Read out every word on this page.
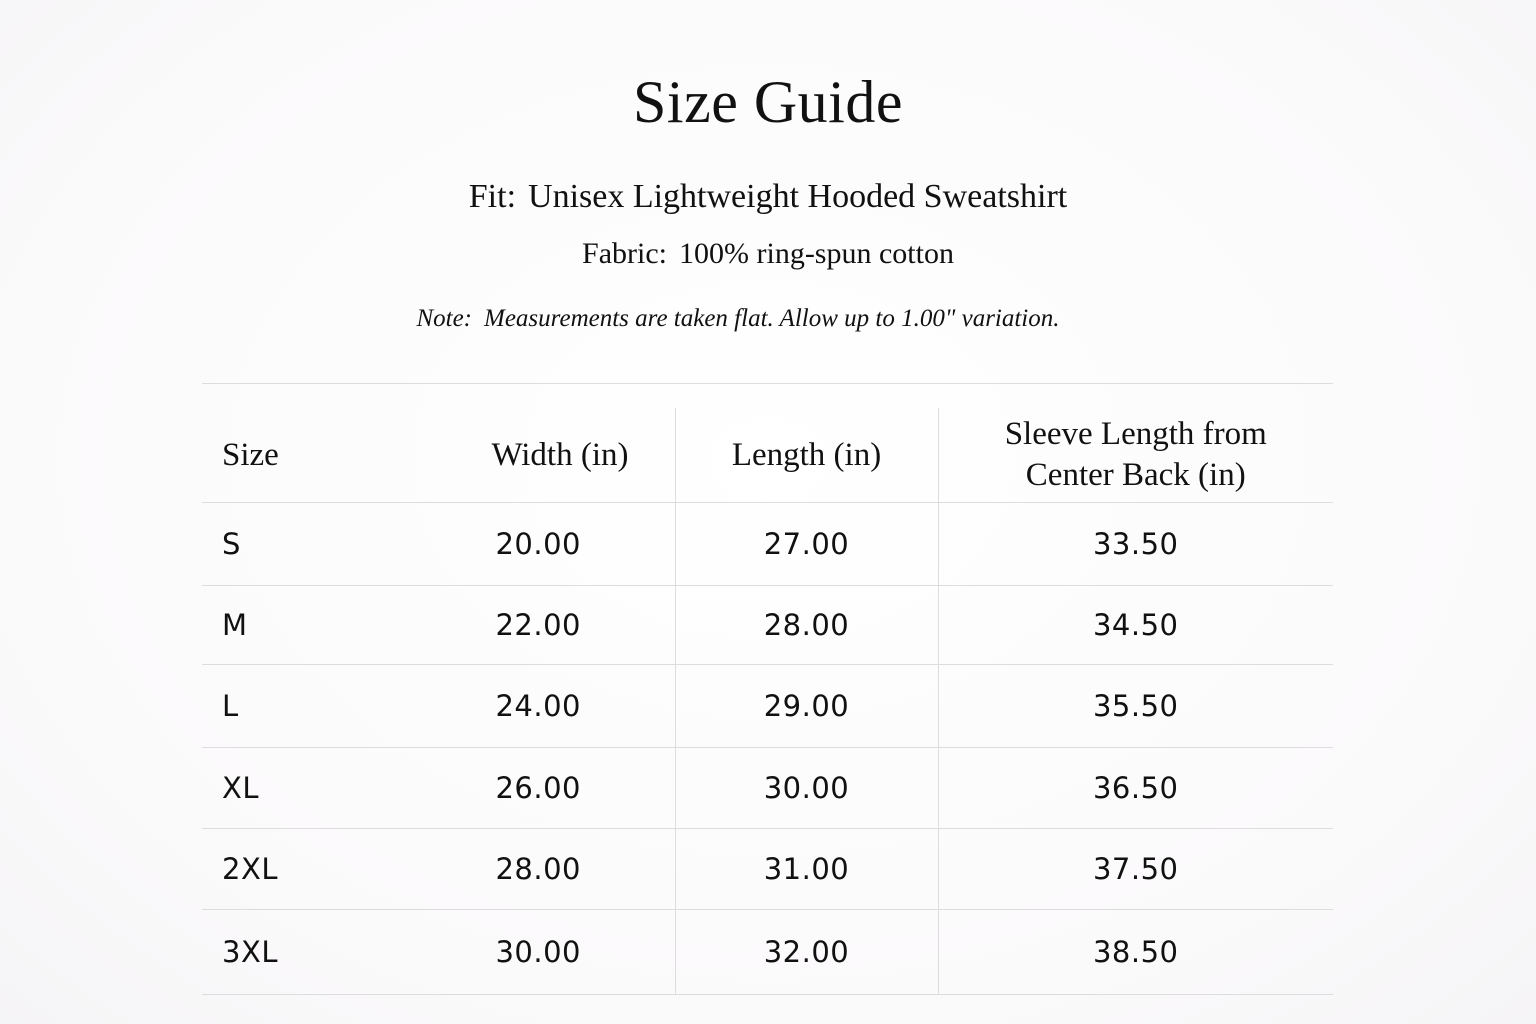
Size Guide
Fit: Unisex Lightweight Hooded Sweatshirt
Fabric: 100% ring-spun cotton
Note: Measurements are taken flat. Allow up to 1.00" variation.
Size	Width (in)	Length (in)	Sleeve Length from
Center Back (in)

S	20.00	27.00	33.50
M	22.00	28.00	34.50
L	24.00	29.00	35.50
XL	26.00	30.00	36.50
2XL	28.00	31.00	37.50
3XL	30.00	32.00	38.50
